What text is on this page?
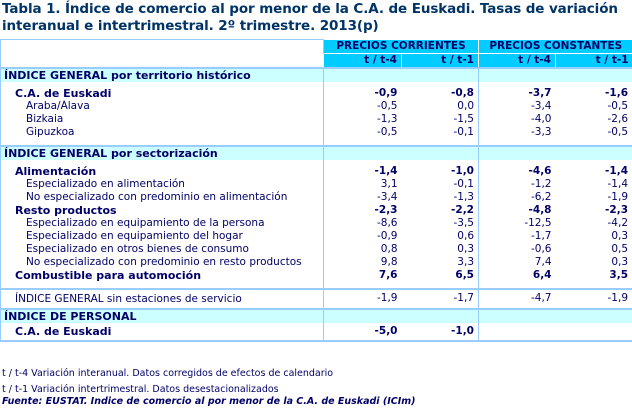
Tabla 1. Índice de comercio al por menor de la C.A. de Euskadi. Tasas de variación interanual e intertrimestral. 2º trimestre. 2013(p)
	PRECIOS CORRIENTES		PRECIOS CONSTANTES	
	t / t-4	t / t-1	t / t-4	t / t-1
ÍNDICE GENERAL por territorio histórico				
C.A. de Euskadi	-0,9	-0,8	-3,7	-1,6
Araba/Álava	-0,5	0,0	-3,4	-0,5
Bizkaia	-1,3	-1,5	-4,0	-2,6
Gipuzkoa	-0,5	-0,1	-3,3	-0,5

ÍNDICE GENERAL por sectorización				
Alimentación	-1,4	-1,0	-4,6	-1,4
Especializado en alimentación	3,1	-0,1	-1,2	-1,4
No especializado con predominio en alimentación	-3,4	-1,3	-6,2	-1,9
Resto productos	-2,3	-2,2	-4,8	-2,3
Especializado en equipamiento de la persona	-8,6	-3,5	-12,5	-4,2
Especializado en equipamiento del hogar	-0,9	0,6	-1,7	0,3
Especializado en otros bienes de consumo	0,8	0,3	-0,6	0,5
No especializado con predominio en resto productos	9,8	3,3	7,4	0,3
Combustible para automoción	7,6	6,5	6,4	3,5

ÍNDICE GENERAL sin estaciones de servicio	-1,9	-1,7	-4,7	-1,9
ÍNDICE DE PERSONAL				
C.A. de Euskadi	-5,0	-1,0		
t / t-4 Variación interanual. Datos corregidos de efectos de calendario
t / t-1 Variación intertrimestral. Datos desestacionalizados
Fuente: EUSTAT. Indice de comercio al por menor de la C.A. de Euskadi (ICIm)
